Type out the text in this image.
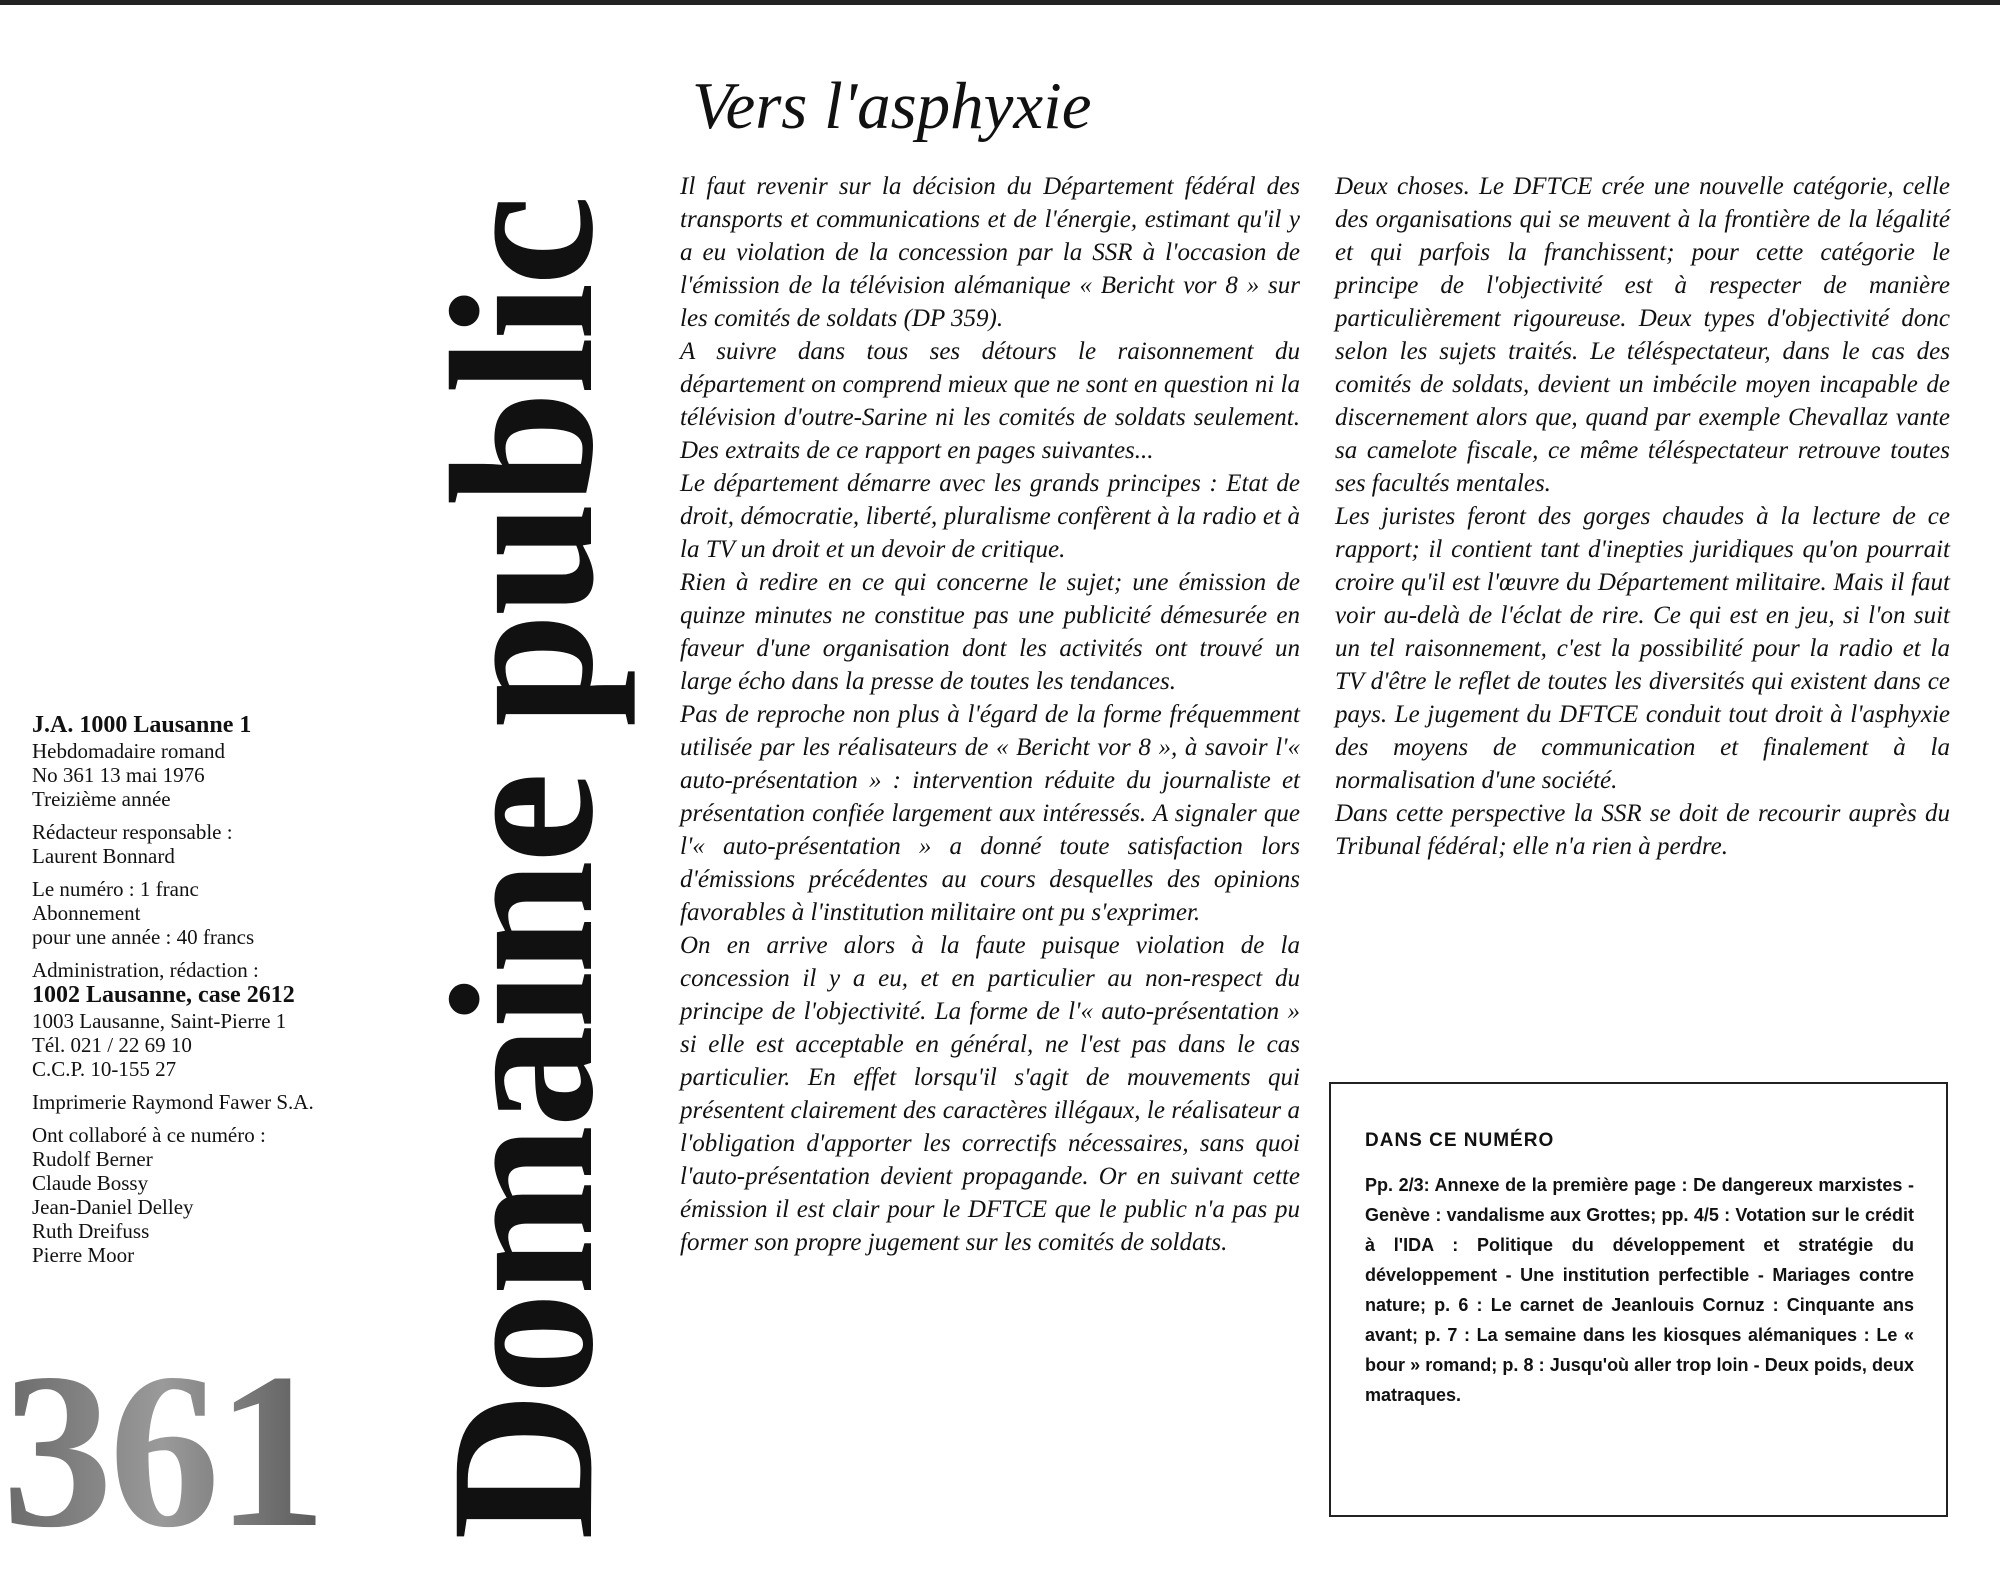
J.A. 1000 Lausanne 1
Hebdomadaire romand
No 361 13 mai 1976
Treizième année
Rédacteur responsable :
Laurent Bonnard
Le numéro : 1 franc
Abonnement
pour une année : 40 francs
Administration, rédaction :
1002 Lausanne, case 2612
1003 Lausanne, Saint-Pierre 1
Tél. 021 / 22 69 10
C.C.P. 10-155 27
Imprimerie Raymond Fawer S.A.
Ont collaboré à ce numéro :
Rudolf Berner
Claude Bossy
Jean-Daniel Delley
Ruth Dreifuss
Pierre Moor
361 Domaine public
Vers l'asphyxie

Il faut revenir sur la décision du Département fédéral des transports et communications et de l'énergie, estimant qu'il y a eu violation de la concession par la SSR à l'occasion de l'émission de la télévision alémanique « Bericht vor 8 » sur les comités de soldats (DP 359).

A suivre dans tous ses détours le raisonnement du département on comprend mieux que ne sont en question ni la télévision d'outre-Sarine ni les comités de soldats seulement. Des extraits de ce rapport en pages suivantes...

Le département démarre avec les grands principes : Etat de droit, démocratie, liberté, pluralisme confèrent à la radio et à la TV un droit et un devoir de critique.

Rien à redire en ce qui concerne le sujet; une émission de quinze minutes ne constitue pas une publicité démesurée en faveur d'une organisation dont les activités ont trouvé un large écho dans la presse de toutes les tendances.

Pas de reproche non plus à l'égard de la forme fréquemment utilisée par les réalisateurs de « Bericht vor 8 », à savoir l'« auto-présentation » : intervention réduite du journaliste et présentation confiée largement aux intéressés. A signaler que l'« auto-présentation » a donné toute satisfaction lors d'émissions précédentes au cours desquelles des opinions favorables à l'institution militaire ont pu s'exprimer.

On en arrive alors à la faute puisque violation de la concession il y a eu, et en particulier au non-respect du principe de l'objectivité. La forme de l'« auto-présentation » si elle est acceptable en général, ne l'est pas dans le cas particulier. En effet lorsqu'il s'agit de mouvements qui présentent clairement des caractères illégaux, le réalisateur a l'obligation d'apporter les correctifs nécessaires, sans quoi l'auto-présentation devient propagande. Or en suivant cette émission il est clair pour le DFTCE que le public n'a pas pu former son propre jugement sur les comités de soldats.

Deux choses. Le DFTCE crée une nouvelle catégorie, celle des organisations qui se meuvent à la frontière de la légalité et qui parfois la franchissent; pour cette catégorie le principe de l'objectivité est à respecter de manière particulièrement rigoureuse. Deux types d'objectivité donc selon les sujets traités. Le téléspectateur, dans le cas des comités de soldats, devient un imbécile moyen incapable de discernement alors que, quand par exemple Chevallaz vante sa camelote fiscale, ce même téléspectateur retrouve toutes ses facultés mentales.

Les juristes feront des gorges chaudes à la lecture de ce rapport; il contient tant d'inepties juridiques qu'on pourrait croire qu'il est l'œuvre du Département militaire. Mais il faut voir au-delà de l'éclat de rire. Ce qui est en jeu, si l'on suit un tel raisonnement, c'est la possibilité pour la radio et la TV d'être le reflet de toutes les diversités qui existent dans ce pays. Le jugement du DFTCE conduit tout droit à l'asphyxie des moyens de communication et finalement à la normalisation d'une société.

Dans cette perspective la SSR se doit de recourir auprès du Tribunal fédéral; elle n'a rien à perdre.

DANS CE NUMÉRO
Pp. 2/3: Annexe de la première page : De dangereux marxistes - Genève : vandalisme aux Grottes; pp. 4/5 : Votation sur le crédit à l'IDA : Politique du développement et stratégie du développement - Une institution perfectible - Mariages contre nature; p. 6 : Le carnet de Jeanlouis Cornuz : Cinquante ans avant; p. 7 : La semaine dans les kiosques alémaniques : Le « bour » romand; p. 8 : Jusqu'où aller trop loin - Deux poids, deux matraques.
